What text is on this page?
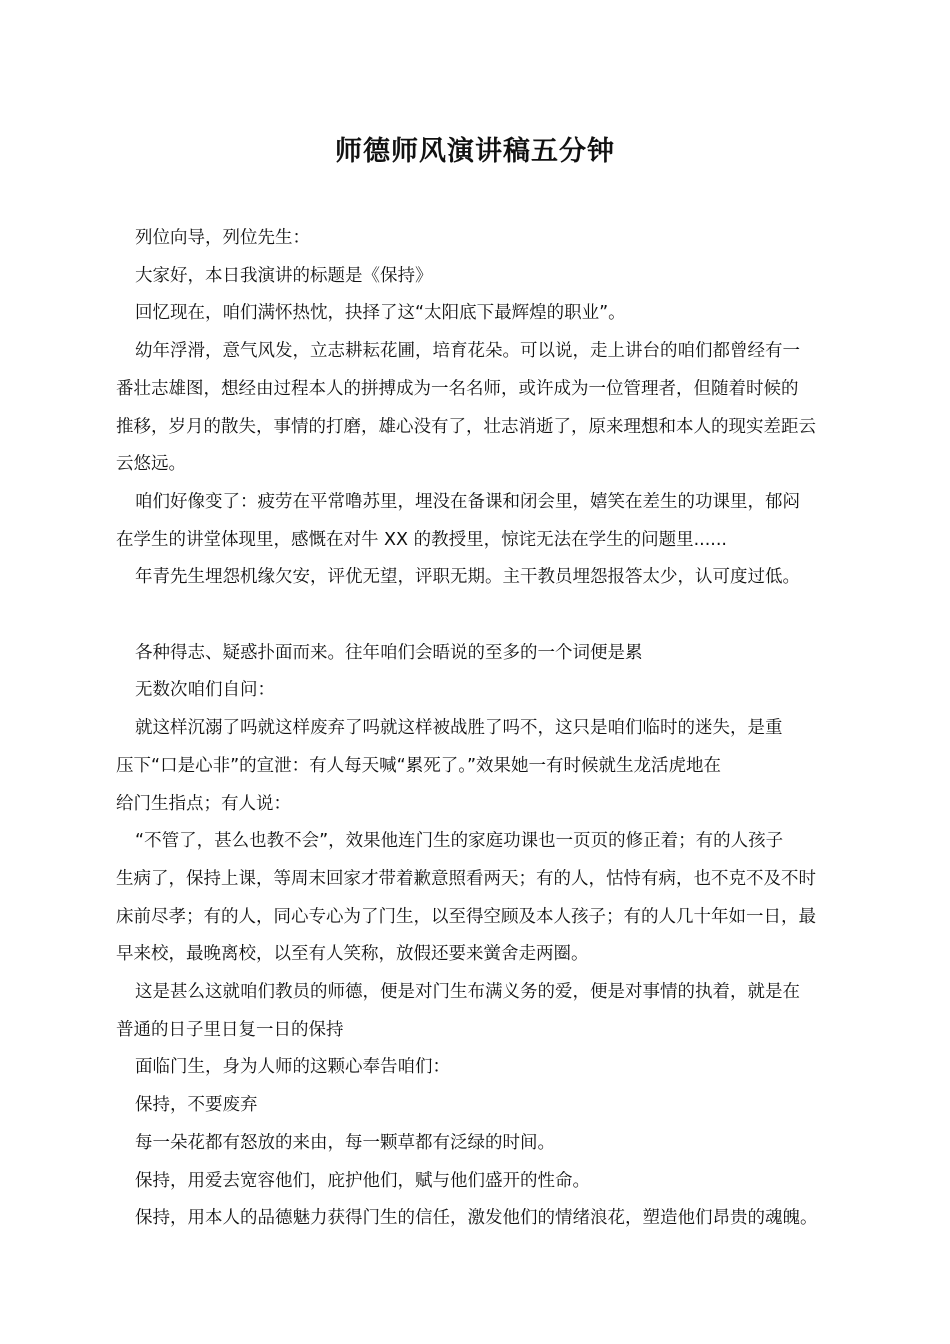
师德师风演讲稿五分钟

列位向导，列位先生：

大家好，本日我演讲的标题是《保持》

回忆现在，咱们满怀热忱，抉择了这“太阳底下最辉煌的职业”。

幼年浮滑，意气风发，立志耕耘花圃，培育花朵。可以说，走上讲台的咱们都曾经有一
番壮志雄图，想经由过程本人的拼搏成为一名名师，或许成为一位管理者，但随着时候的
推移，岁月的散失，事情的打磨，雄心没有了，壮志消逝了，原来理想和本人的现实差距云
云悠远。

咱们好像变了：疲劳在平常噜苏里，埋没在备课和闭会里，嬉笑在差生的功课里，郁闷
在学生的讲堂体现里，感慨在对牛 XX 的教授里，惊诧无法在学生的问题里......

年青先生埋怨机缘欠安，评优无望，评职无期。主干教员埋怨报答太少，认可度过低。

各种得志、疑惑扑面而来。往年咱们会晤说的至多的一个词便是累

无数次咱们自问：

就这样沉溺了吗就这样废弃了吗就这样被战胜了吗不，这只是咱们临时的迷失，是重
压下“口是心非”的宣泄：有人每天喊“累死了。”效果她一有时候就生龙活虎地在
给门生指点；有人说：

“不管了，甚么也教不会”，效果他连门生的家庭功课也一页页的修正着；有的人孩子
生病了，保持上课，等周末回家才带着歉意照看两天；有的人，怙恃有病，也不克不及不时
床前尽孝；有的人，同心专心为了门生，以至得空顾及本人孩子；有的人几十年如一日，最
早来校，最晚离校，以至有人笑称，放假还要来黉舍走两圈。

这是甚么这就咱们教员的师德，便是对门生布满义务的爱，便是对事情的执着，就是在
普通的日子里日复一日的保持

面临门生，身为人师的这颗心奉告咱们：

保持，不要废弃

每一朵花都有怒放的来由，每一颗草都有泛绿的时间。

保持，用爱去宽容他们，庇护他们，赋与他们盛开的性命。

保持，用本人的品德魅力获得门生的信任，激发他们的情绪浪花，塑造他们昂贵的魂魄。
